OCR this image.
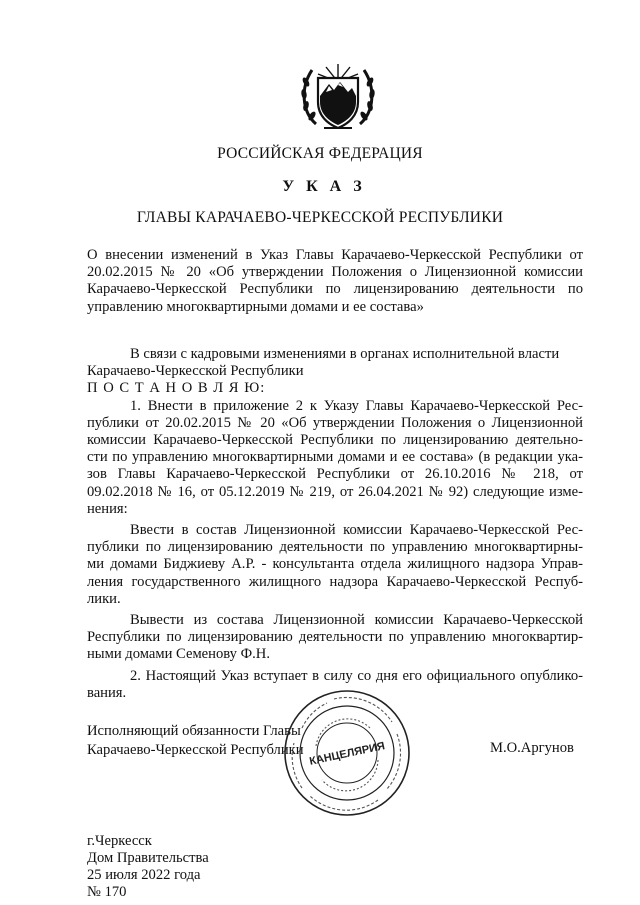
РОССИЙСКАЯ ФЕДЕРАЦИЯ
У К А З
ГЛАВЫ КАРАЧАЕВО-ЧЕРКЕССКОЙ РЕСПУБЛИКИ
О внесении изменений в Указ Главы Карачаево-Черкесской Республики от
20.02.2015 № 20 «Об утверждении Положения о Лицензионной комиссии
Карачаево-Черкесской Республики по лицензированию деятельности по
управлению многоквартирными домами и ее состава»
В связи с кадровыми изменениями в органах исполнительной власти
Карачаево-Черкесской Республики
П О С Т А Н О В Л Я Ю:
1. Внести в приложение 2 к Указу Главы Карачаево-Черкесской Рес-
публики от 20.02.2015 № 20 «Об утверждении Положения о Лицензионной
комиссии Карачаево-Черкесской Республики по лицензированию деятельно-
сти по управлению многоквартирными домами и ее состава» (в редакции ука-
зов Главы Карачаево-Черкесской Республики от 26.10.2016 № 218, от
09.02.2018 № 16, от 05.12.2019 № 219, от 26.04.2021 № 92) следующие изме-
нения:
Ввести в состав Лицензионной комиссии Карачаево-Черкесской Рес-
публики по лицензированию деятельности по управлению многоквартирны-
ми домами Биджиеву А.Р. - консультанта отдела жилищного надзора Управ-
ления государственного жилищного надзора Карачаево-Черкесской Респуб-
лики.
Вывести из состава Лицензионной комиссии Карачаево-Черкесской
Республики по лицензированию деятельности по управлению многоквартир-
ными домами Семенову Ф.Н.
2. Настоящий Указ вступает в силу со дня его официального опублико-
вания.
Исполняющий обязанности Главы
Карачаево-Черкесской Республики	М.О.Аргунов
КАНЦЕЛЯРИЯ
г.Черкесск
Дом Правительства
25 июля 2022 года
№ 170
